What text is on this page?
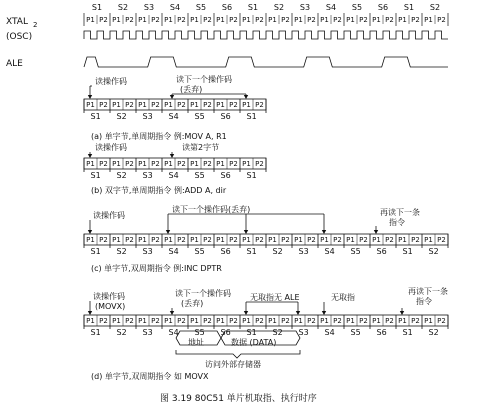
XTAL 2
(OSC)
ALE
S1
P1 P2
S2
P1 P2
S3
P1 P2
S4
P1 P2
S5
P1 P2
S6
P1 P2
S1
P1 P2
S2
P1 P2
S3
P1 P2
S4
P1 P2
S5
P1 P2
S6
P1 P2
S1
P1 P2
S2
P1 P2
P1 P2
S1
P1 P2
S2
P1 P2
S3
P1 P2
S4
P1 P2
S5
P1 P2
S6
P1 P2
S1
读操作码	读下一个操作码
(丢弃)
(a) 单字节,单周期指令 例:MOV A, R1
P1 P2
S1
P1 P2
S2
P1 P2
S3
P1 P2
S4
P1 P2
S5
P1 P2
S6
P1 P2
S1
读操作码	读第2字节
(b) 双字节,单周期指令 例:ADD A, dir
P1 P2
S1
P1 P2
S2
P1 P2
S3
P1 P2
S4
P1 P2
S5
P1 P2
S6
P1 P2
S1
P1 P2
S2
P1 P2
S3
P1 P2
S4
P1 P2
S5
P1 P2
S6
P1 P2
S1
P1 P2
S2
读操作码
读下一个操作码(丢弃)	再读下一条
指令
(c) 单字节,双周期指令 例:INC DPTR
P1 P2
S1
P1 P2
S2
P1 P2
S3
P1 P2
S4
P1 P2
S5
P1 P2
S6
P1 P2
S1
P1 P2
S2
P1 P2
S3
P1 P2
S4
P1 P2
S5
P1 P2
S6
P1 P2
S1
P1 P2
S2
读操作码
(MOVX)
读下一个操作码
(丢弃)
无取指无 ALE	无取指
再读下一条
指令
地址	数据 (DATA)
访问外部存储器
(d) 单字节,双周期指令 如 MOVX
图 3.19 80C51 单片机取指、执行时序
